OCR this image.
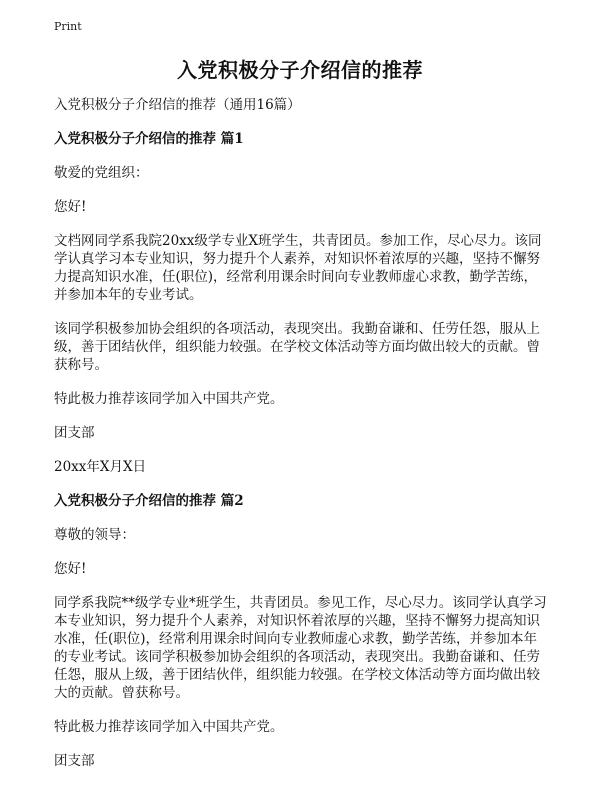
Print
入党积极分子介绍信的推荐

入党积极分子介绍信的推荐（通用16篇）

入党积极分子介绍信的推荐 篇1

敬爱的党组织：

您好!

文档网同学系我院20xx级学专业X班学生，共青团员。参加工作，尽心尽力。该同学认真学习本专业知识，努力提升个人素养，对知识怀着浓厚的兴趣，坚持不懈努力提高知识水准，任(职位)，经常利用课余时间向专业教师虚心求教，勤学苦练，并参加本年的专业考试。

该同学积极参加协会组织的各项活动，表现突出。我勤奋谦和、任劳任怨，服从上级，善于团结伙伴，组织能力较强。在学校文体活动等方面均做出较大的贡献。曾获称号。

特此极力推荐该同学加入中国共产党。

团支部

20xx年X月X日

入党积极分子介绍信的推荐 篇2

尊敬的领导：

您好!

同学系我院**级学专业*班学生，共青团员。参见工作，尽心尽力。该同学认真学习本专业知识，努力提升个人素养，对知识怀着浓厚的兴趣，坚持不懈努力提高知识水准，任(职位)，经常利用课余时间向专业教师虚心求教，勤学苦练，并参加本年的专业考试。该同学积极参加协会组织的各项活动，表现突出。我勤奋谦和、任劳任怨，服从上级，善于团结伙伴，组织能力较强。在学校文体活动等方面均做出较大的贡献。曾获称号。

特此极力推荐该同学加入中国共产党。

团支部
